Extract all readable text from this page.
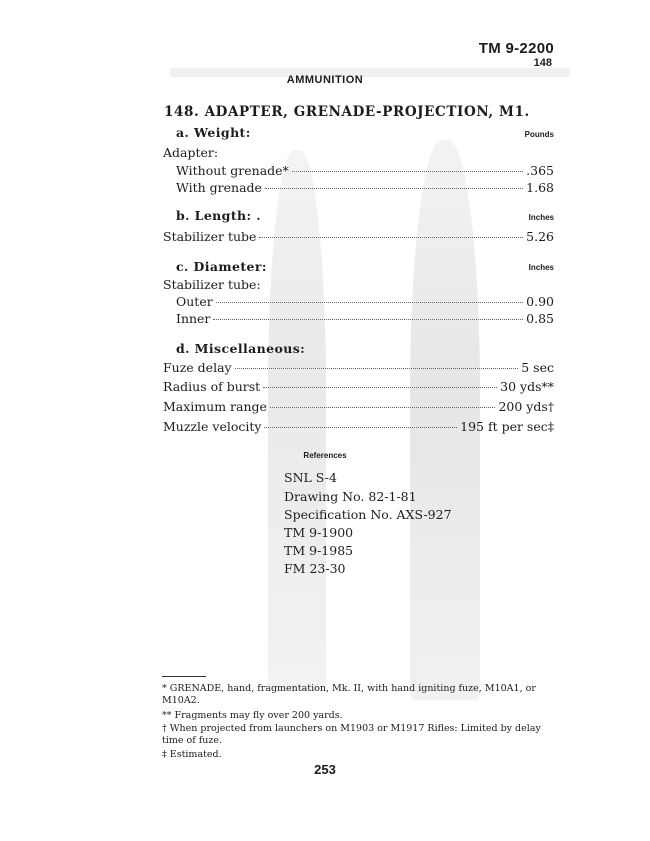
TM 9-2200
148
AMMUNITION
148. ADAPTER, GRENADE-PROJECTION, M1.
a. Weight:	Pounds
Adapter:
Without grenade*	.365
With grenade	1.68
b. Length: .	Inches
Stabilizer tube	5.26
c. Diameter:	Inches
Stabilizer tube:
Outer	0.90
Inner	0.85
d. Miscellaneous:
Fuze delay	5 sec
Radius of burst	30 yds**
Maximum range	200 yds†
Muzzle velocity	195 ft per sec‡
References
SNL S-4
Drawing No. 82-1-81
Specification No. AXS-927
TM 9-1900
TM 9-1985
FM 23-30
* GRENADE, hand, fragmentation, Mk. II, with hand igniting fuze, M10A1, or M10A2.
** Fragments may fly over 200 yards.
† When projected from launchers on M1903 or M1917 Rifles: Limited by delay time of fuze.
‡ Estimated.
253
